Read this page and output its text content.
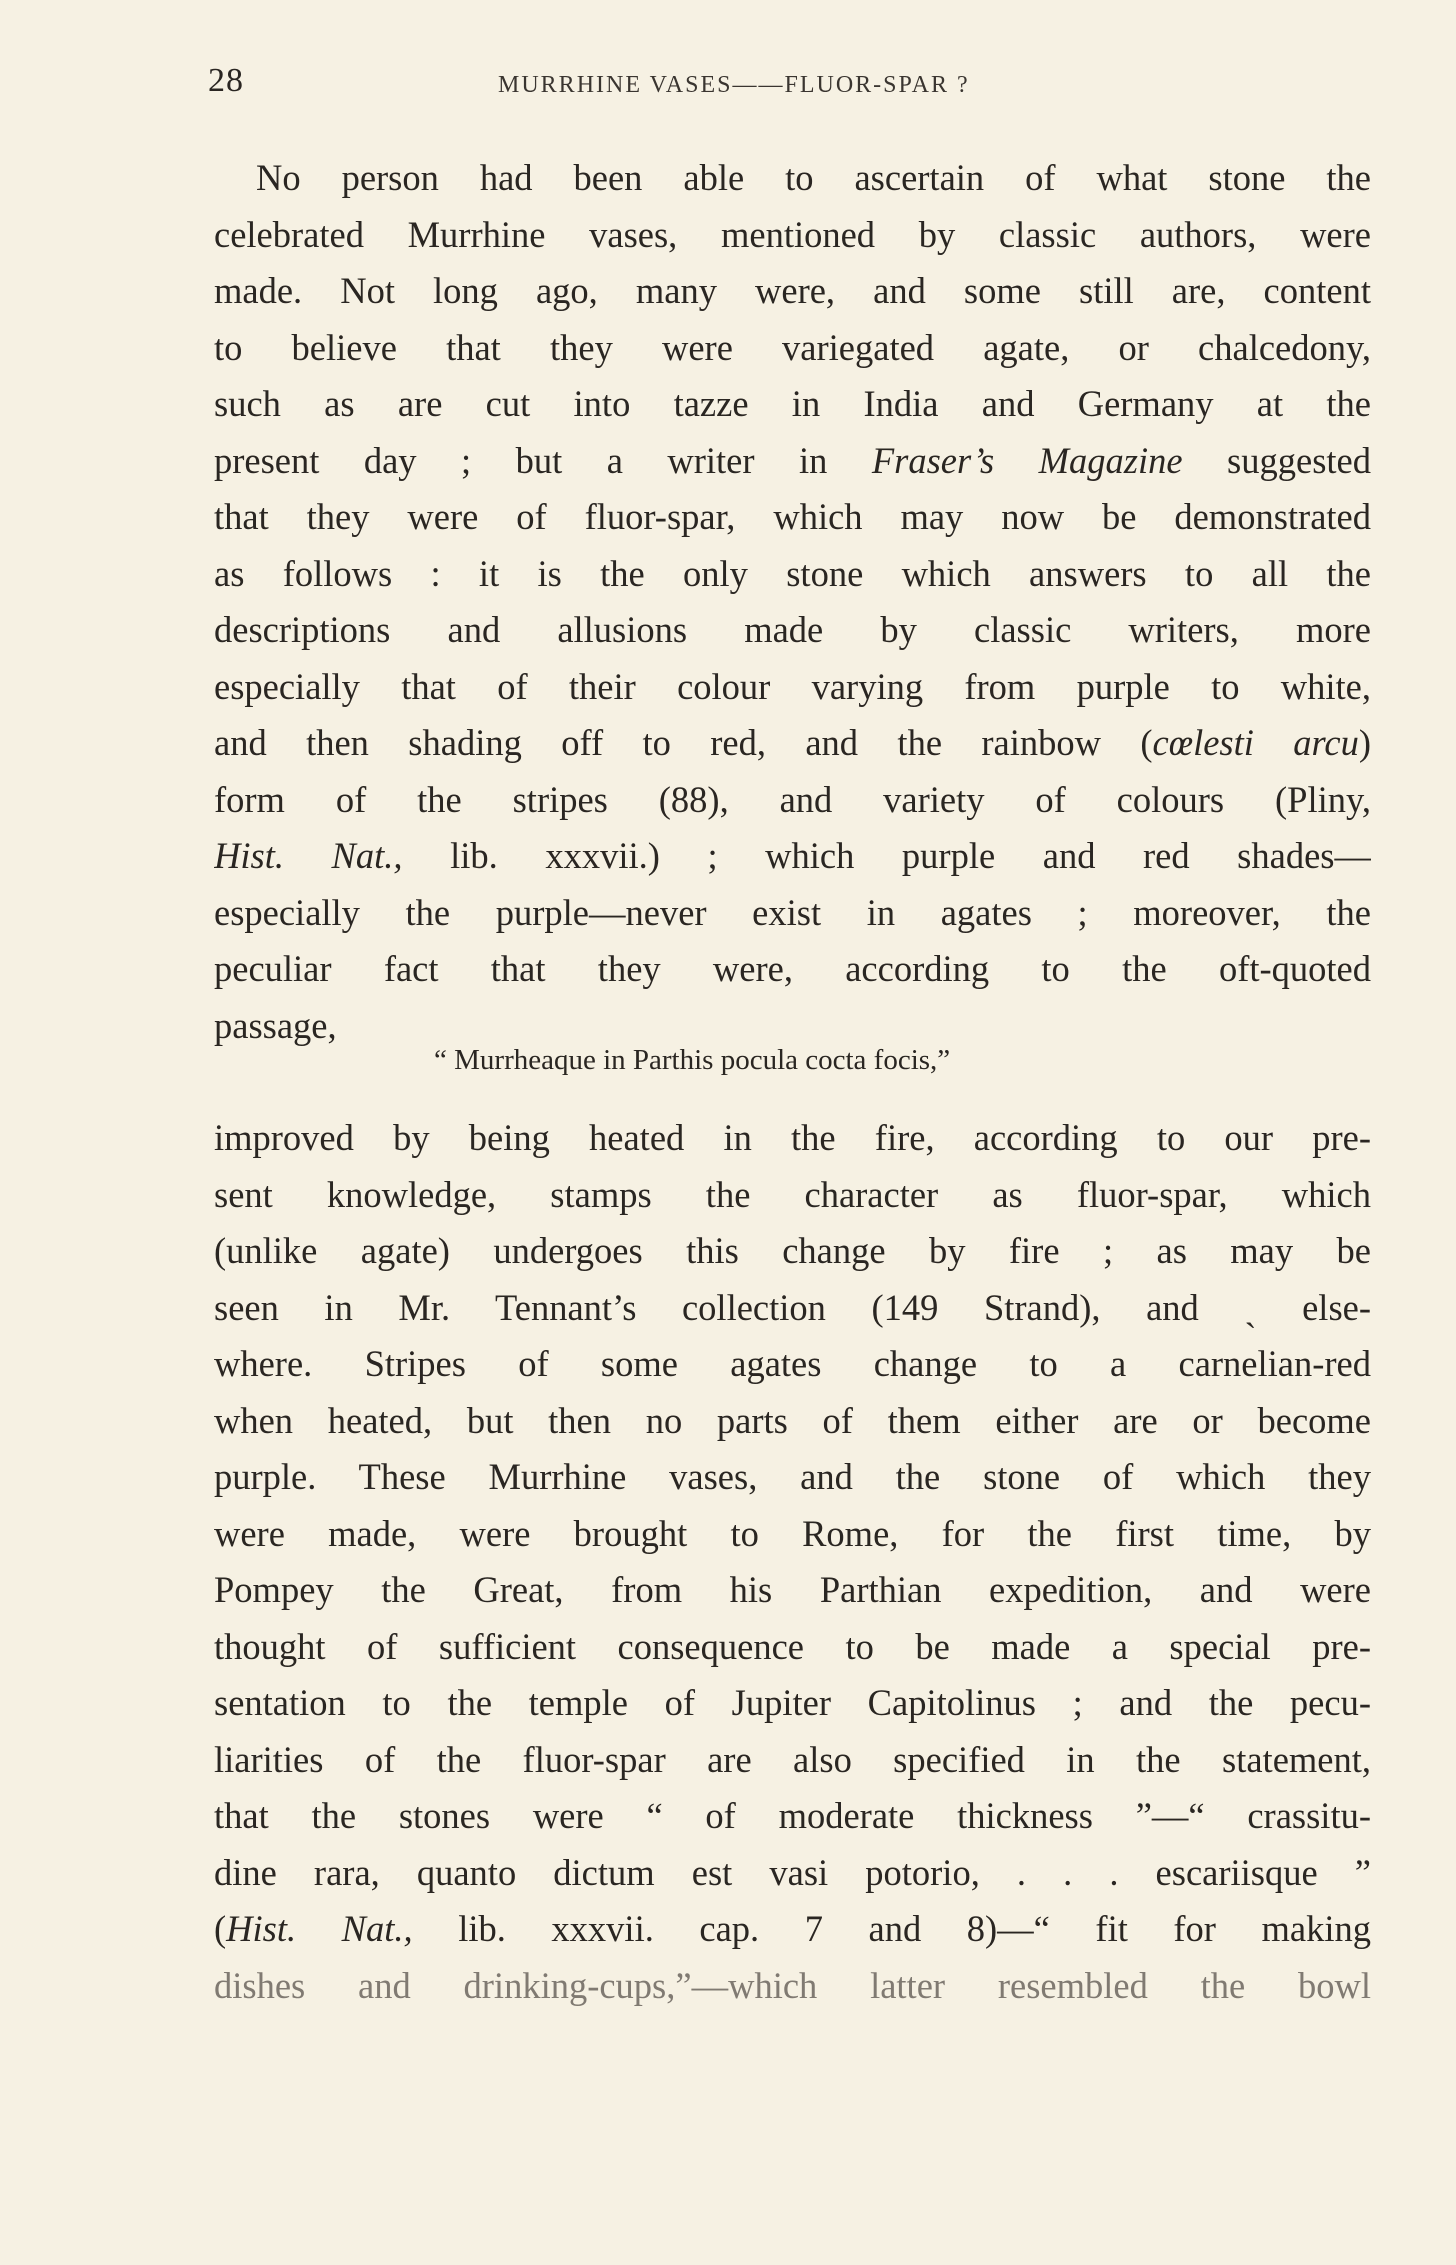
28	MURRHINE VASES——FLUOR-SPAR ?
No person had been able to ascertain of what stone the
celebrated Murrhine vases, mentioned by classic authors, were
made. Not long ago, many were, and some still are, content
to believe that they were variegated agate, or chalcedony,
such as are cut into tazze in India and Germany at the
present day ; but a writer in Fraser’s Magazine suggested
that they were of fluor-spar, which may now be demonstrated
as follows : it is the only stone which answers to all the
descriptions and allusions made by classic writers, more
especially that of their colour varying from purple to white,
and then shading off to red, and the rainbow (cœlesti arcu)
form of the stripes (88), and variety of colours (Pliny,
Hist. Nat., lib. xxxvii.) ; which purple and red shades—
especially the purple—never exist in agates ; moreover, the
peculiar fact that they were, according to the oft-quoted
passage,
“ Murrheaque in Parthis pocula cocta focis,”
improved by being heated in the fire, according to our pre-
sent knowledge, stamps the character as fluor-spar, which
(unlike agate) undergoes this change by fire ; as may be
seen in Mr. Tennant’s collection (149 Strand), and ˎ else-
where. Stripes of some agates change to a carnelian-red
when heated, but then no parts of them either are or become
purple. These Murrhine vases, and the stone of which they
were made, were brought to Rome, for the first time, by
Pompey the Great, from his Parthian expedition, and were
thought of sufficient consequence to be made a special pre-
sentation to the temple of Jupiter Capitolinus ; and the pecu-
liarities of the fluor-spar are also specified in the statement,
that the stones were “ of moderate thickness ”—“ crassitu-
dine rara, quanto dictum est vasi potorio, . . . escariisque ”
(Hist. Nat., lib. xxxvii. cap. 7 and 8)—“ fit for making
dishes and drinking-cups,”—which latter resembled the bowl
